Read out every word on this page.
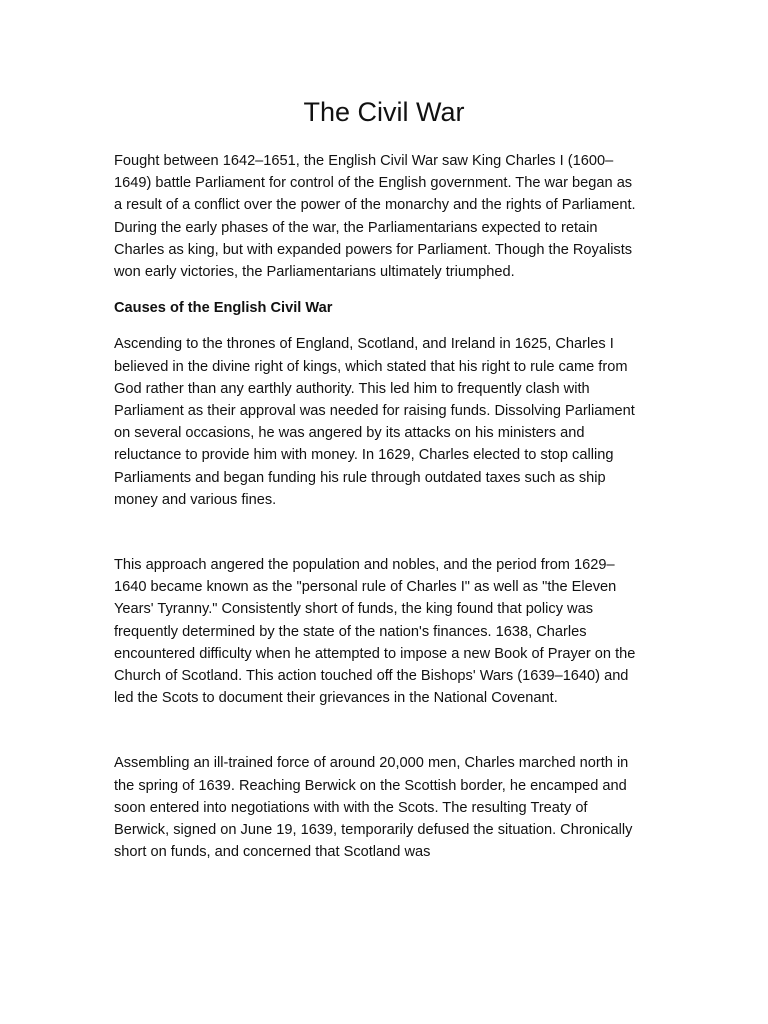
The Civil War

Fought between 1642–1651, the English Civil War saw King Charles I (1600–1649) battle Parliament for control of the English government. The war began as a result of a conflict over the power of the monarchy and the rights of Parliament. During the early phases of the war, the Parliamentarians expected to retain Charles as king, but with expanded powers for Parliament. Though the Royalists won early victories, the Parliamentarians ultimately triumphed.

Causes of the English Civil War

Ascending to the thrones of England, Scotland, and Ireland in 1625, Charles I believed in the divine right of kings, which stated that his right to rule came from God rather than any earthly authority. This led him to frequently clash with Parliament as their approval was needed for raising funds. Dissolving Parliament on several occasions, he was angered by its attacks on his ministers and reluctance to provide him with money. In 1629, Charles elected to stop calling Parliaments and began funding his rule through outdated taxes such as ship money and various fines.

This approach angered the population and nobles, and the period from 1629–1640 became known as the "personal rule of Charles I" as well as "the Eleven Years' Tyranny." Consistently short of funds, the king found that policy was frequently determined by the state of the nation's finances. 1638, Charles encountered difficulty when he attempted to impose a new Book of Prayer on the Church of Scotland. This action touched off the Bishops' Wars (1639–1640) and led the Scots to document their grievances in the National Covenant.

Assembling an ill-trained force of around 20,000 men, Charles marched north in the spring of 1639. Reaching Berwick on the Scottish border, he encamped and soon entered into negotiations with with the Scots. The resulting Treaty of Berwick, signed on June 19, 1639, temporarily defused the situation. Chronically short on funds, and concerned that Scotland was
